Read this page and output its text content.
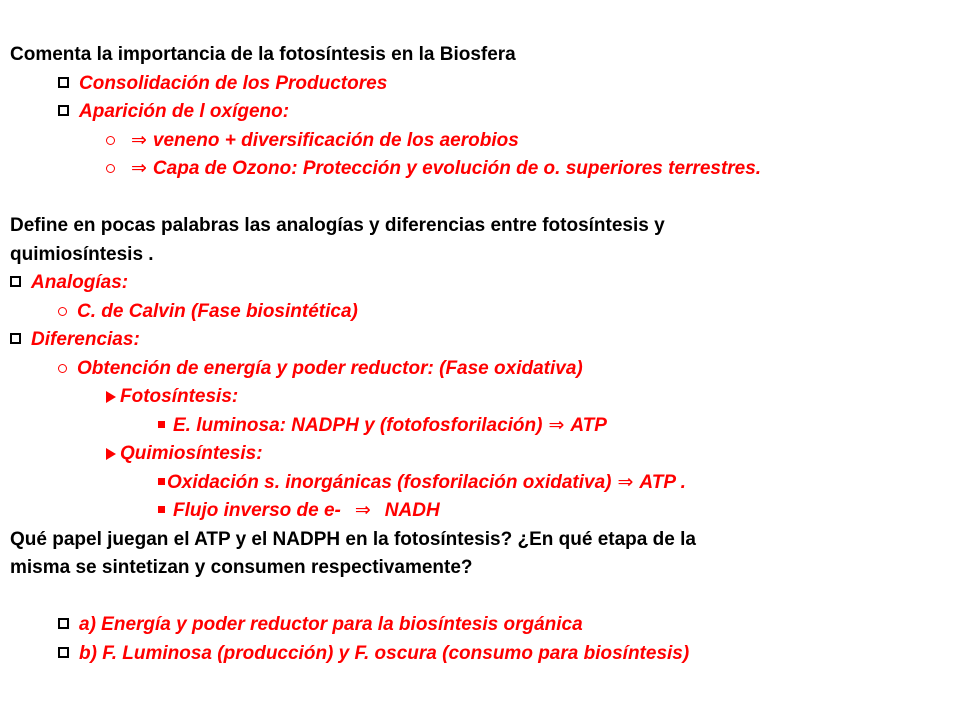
Comenta la importancia de la fotosíntesis en la Biosfera
Consolidación de los Productores
Aparición de l oxígeno:
⇒ veneno + diversificación de los aerobios
⇒ Capa de Ozono: Protección y evolución de o. superiores terrestres.
Define en pocas palabras las analogías y diferencias entre fotosíntesis y
quimiosíntesis .
Analogías:
C. de Calvin (Fase biosintética)
Diferencias:
Obtención de energía y poder reductor: (Fase oxidativa)
Fotosíntesis:
E. luminosa: NADPH y (fotofosforilación) ⇒ ATP
Quimiosíntesis:
Oxidación s. inorgánicas (fosforilación oxidativa) ⇒ ATP .
Flujo inverso de e- ⇒ NADH
Qué papel juegan el ATP y el NADPH en la fotosíntesis? ¿En qué etapa de la
misma se sintetizan y consumen respectivamente?
a) Energía y poder reductor para la biosíntesis orgánica
b) F. Luminosa (producción) y F. oscura (consumo para biosíntesis)
